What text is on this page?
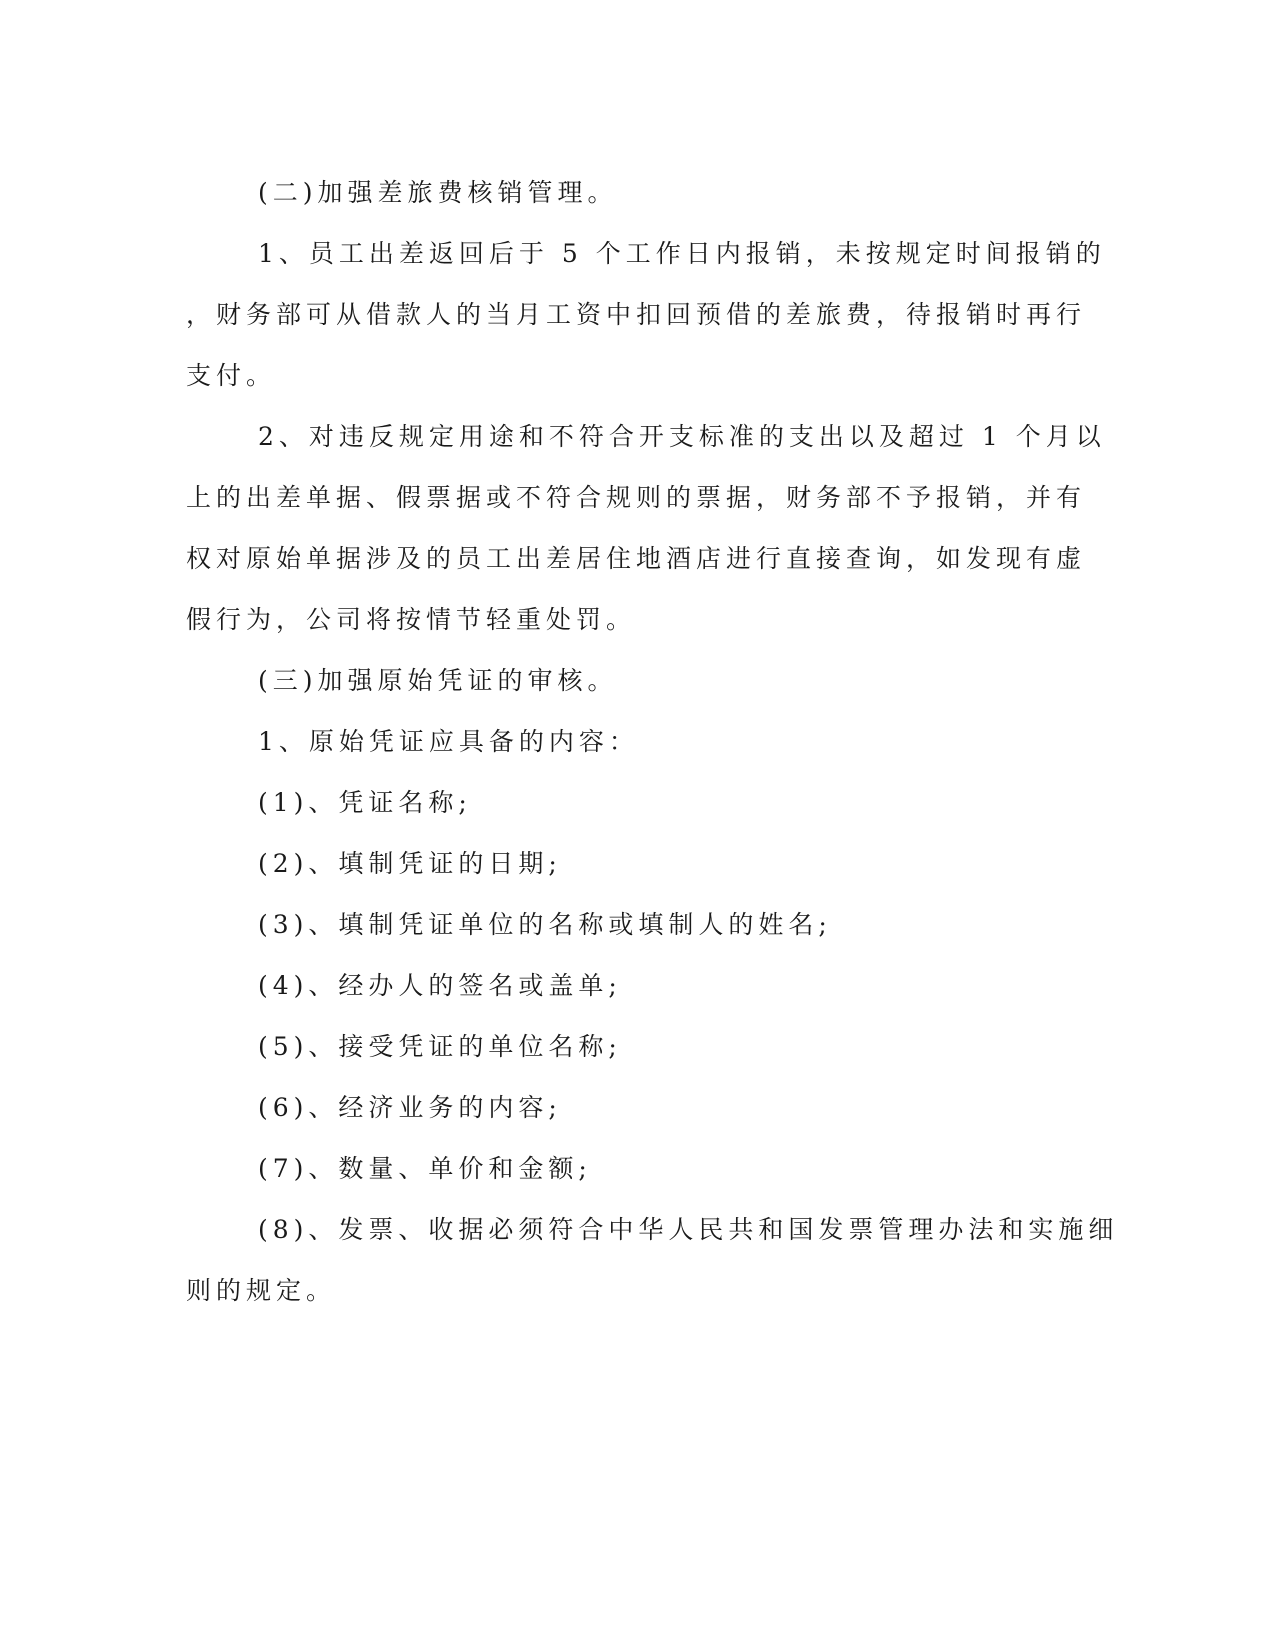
(二)加强差旅费核销管理。

1、员工出差返回后于 5 个工作日内报销，未按规定时间报销的

，财务部可从借款人的当月工资中扣回预借的差旅费，待报销时再行

支付。

2、对违反规定用途和不符合开支标准的支出以及超过 1 个月以

上的出差单据、假票据或不符合规则的票据，财务部不予报销，并有

权对原始单据涉及的员工出差居住地酒店进行直接查询，如发现有虚

假行为，公司将按情节轻重处罚。

(三)加强原始凭证的审核。

1、原始凭证应具备的内容：

(1)、凭证名称;

(2)、填制凭证的日期;

(3)、填制凭证单位的名称或填制人的姓名;

(4)、经办人的签名或盖单;

(5)、接受凭证的单位名称;

(6)、经济业务的内容;

(7)、数量、单价和金额;

(8)、发票、收据必须符合中华人民共和国发票管理办法和实施细

则的规定。
